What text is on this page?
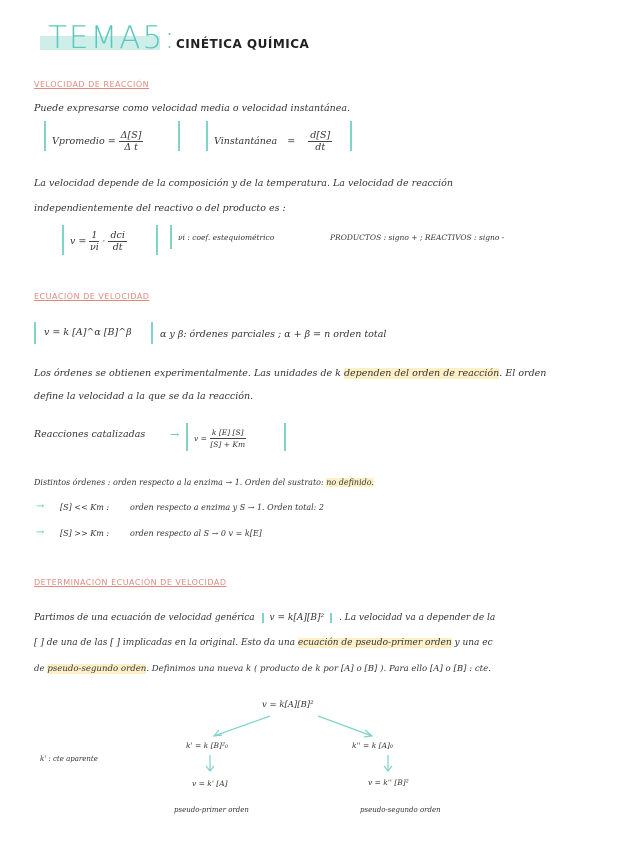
TEMA5: CINÉTICA QUÍMICA
VELOCIDAD DE REACCIÓN
Puede expresarse como velocidad media o velocidad instantánea.
Vpromedio = $\frac{\Delta[S]}{\text{Δ t}}$	Vinstantánea = $\frac{d[S]}{dt}$
La velocidad depende de la composición y de la temperatura. La velocidad de reacción
independientemente del reactivo o del producto es :
$v = \frac{1}{\nu i} \cdot \frac{\text{dci}}{dt}$	νi : coef. estequiométrico	PRODUCTOS : signo + ; REACTIVOS : signo -
ECUACIÓN DE VELOCIDAD
v = k [A]^α [B]^β	α y β: órdenes parciales ; α + β = n orden total
Los órdenes se obtienen experimentalmente. Las unidades de k dependen del orden de reacción. El orden
define la velocidad a la que se da la reacción.
Reacciones catalizadas → $v = \frac{k [E] [S]}{[S] + Km}$
Distintos órdenes : orden respecto a la enzima → 1. Orden del sustrato: no definido.
→ [S] << Km :	orden respecto a enzima y S → 1. Orden total: 2
→ [S] >> Km :	orden respecto al S → 0 v = k[E]
DETERMINACIÓN ECUACIÓN DE VELOCIDAD
Partimos de una ecuación de velocidad genérica v = k[A][B]² . La velocidad va a depender de la
[ ] de una de las [ ] implicadas en la original. Esto da una ecuación de pseudo-primer orden y una ec
de pseudo-segundo orden. Definimos una nueva k ( producto de k por [A] o [B] ). Para ello [A] o [B] : cte.
v = k[A][B]²
k' = k [B]²₀	k'' = k [A]₀
k' : cte aparente
v = k' [A]	v = k'' [B]²
pseudo-primer orden	pseudo-segundo orden
